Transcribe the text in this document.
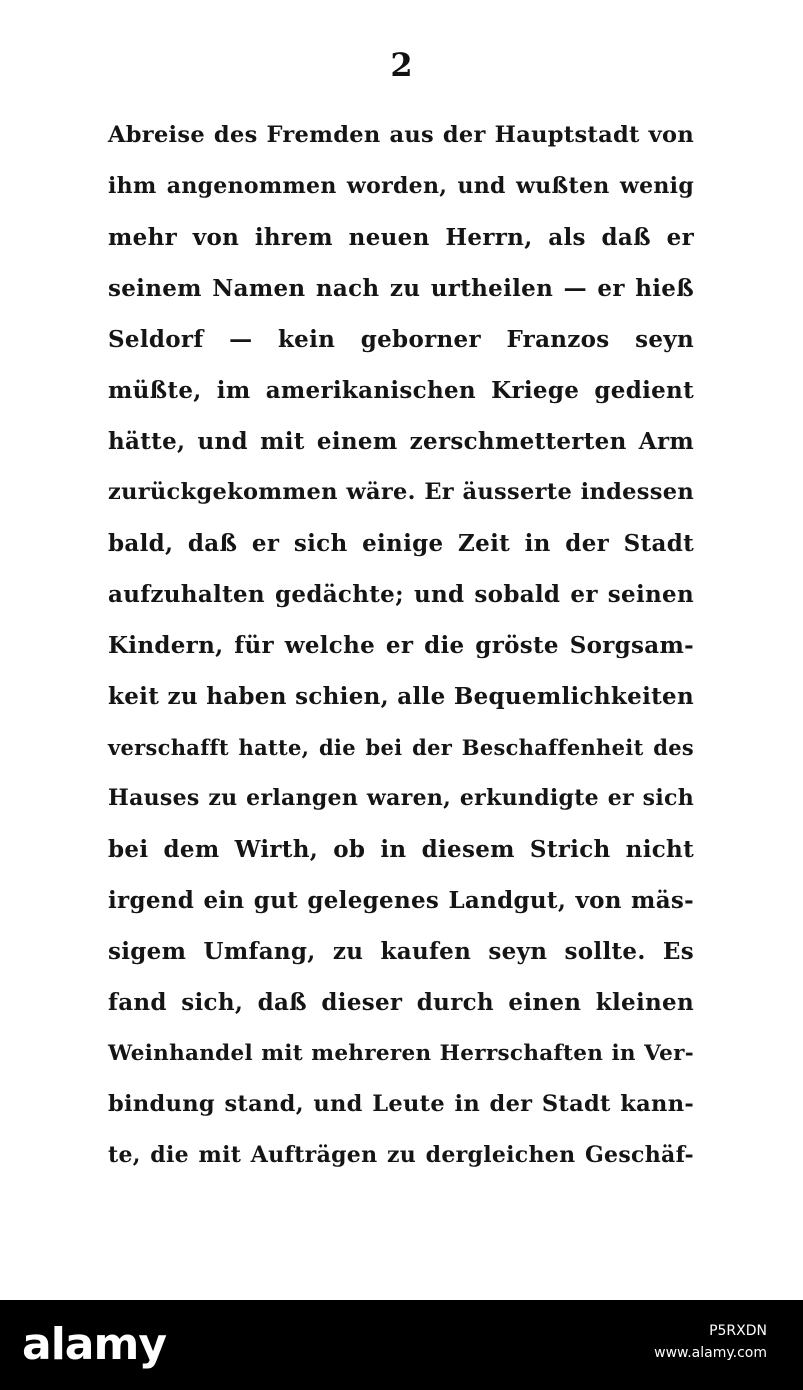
2
Abreise des Fremden aus der Hauptstadt von
ihm angenommen worden, und wußten wenig
mehr von ihrem neuen Herrn, als daß er
seinem Namen nach zu urtheilen — er hieß
Seldorf — kein geborner Franzos seyn
müßte, im amerikanischen Kriege gedient
hätte, und mit einem zerschmetterten Arm
zurückgekommen wäre. Er äusserte indessen
bald, daß er sich einige Zeit in der Stadt
aufzuhalten gedächte; und sobald er seinen
Kindern, für welche er die gröste Sorgsam-
keit zu haben schien, alle Bequemlichkeiten
verschafft hatte, die bei der Beschaffenheit des
Hauses zu erlangen waren, erkundigte er sich
bei dem Wirth, ob in diesem Strich nicht
irgend ein gut gelegenes Landgut, von mäs-
sigem Umfang, zu kaufen seyn sollte. Es
fand sich, daß dieser durch einen kleinen
Weinhandel mit mehreren Herrschaften in Ver-
bindung stand, und Leute in der Stadt kann-
te, die mit Aufträgen zu dergleichen Geschäf-
alamy	P5RXDN
www.alamy.com
